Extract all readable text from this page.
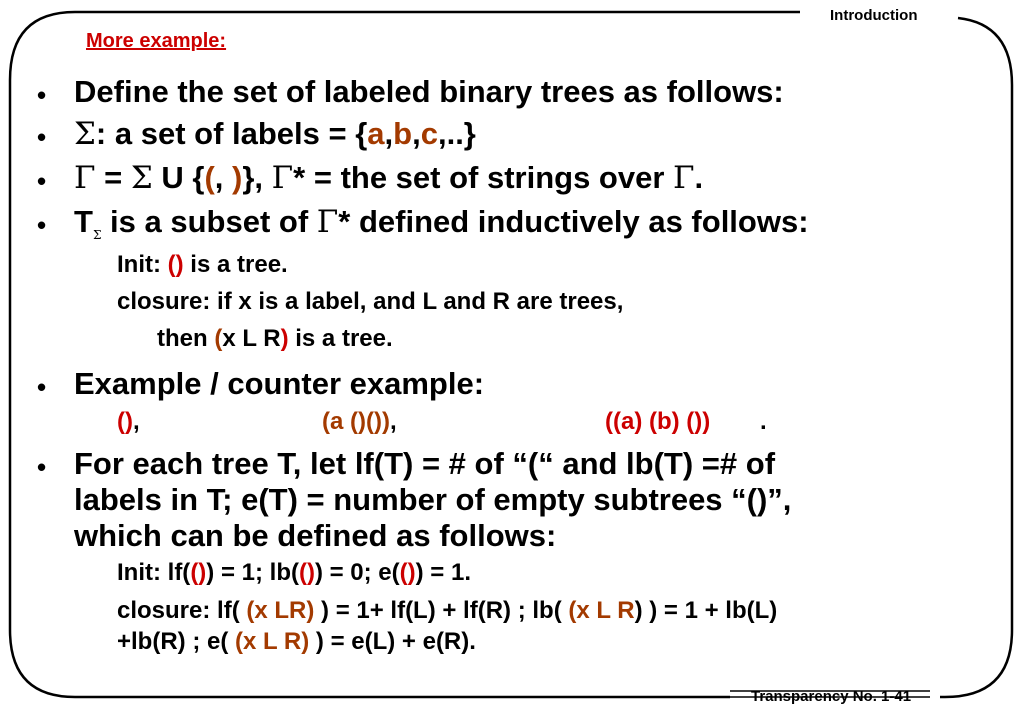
Introduction
Transparency No. 1-41
More example:
• Define the set of labeled binary trees as follows:
• Σ: a set of labels = {a,b,c,..}
• Γ = Σ U {(, )}, Γ* = the set of strings over Γ.
• $T_\Sigma$ is a subset of Γ* defined inductively as follows:
Init: () is a tree.
closure: if x is a label, and L and R are trees,
then (x L R) is a tree.
• Example / counter example:
(),	(a ()()),	((a) (b) ()) .
• For each tree T, let lf(T) = # of “(“ and lb(T) =# of
labels in T; e(T) = number of empty subtrees “()”,
which can be defined as follows:
Init: lf(()) = 1; lb(()) = 0; e(()) = 1.
closure: lf( (x LR) ) = 1+ lf(L) + lf(R) ; lb( (x L R) ) = 1 + lb(L)
+lb(R) ; e( (x L R) ) = e(L) + e(R).
